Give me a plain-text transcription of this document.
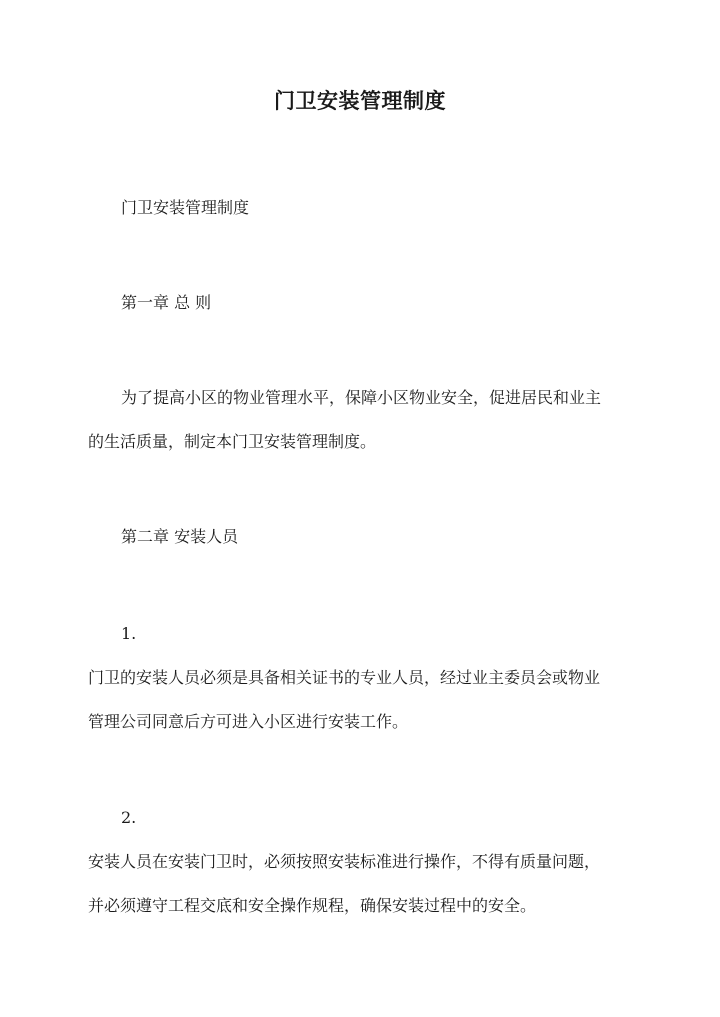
门卫安装管理制度
门卫安装管理制度
第一章 总 则
为了提高小区的物业管理水平，保障小区物业安全，促进居民和业主
的生活质量，制定本门卫安装管理制度。
第二章 安装人员
1.
门卫的安装人员必须是具备相关证书的专业人员，经过业主委员会或物业
管理公司同意后方可进入小区进行安装工作。
2.
安装人员在安装门卫时，必须按照安装标准进行操作，不得有质量问题，
并必须遵守工程交底和安全操作规程，确保安装过程中的安全。
